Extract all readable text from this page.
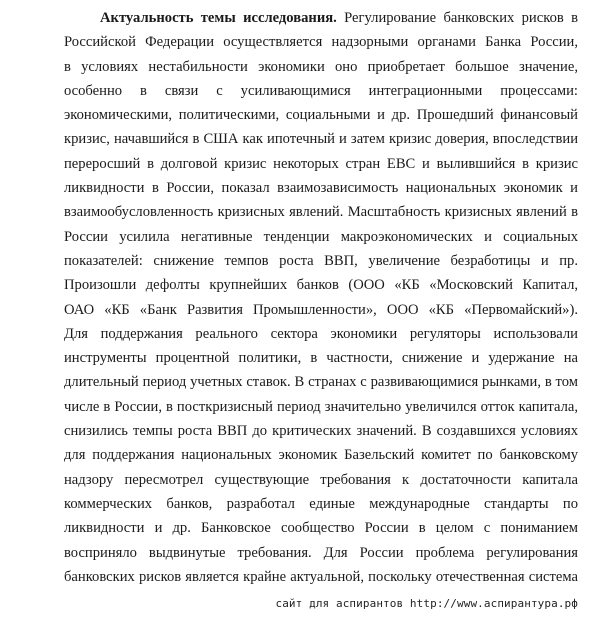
Актуальность темы исследования. Регулирование банковских рисков в
Российской Федерации осуществляется надзорными органами Банка России,
в условиях нестабильности экономики оно приобретает большое значение,
особенно в связи с усиливающимися интеграционными процессами:
экономическими, политическими, социальными и др. Прошедший финансовый
кризис, начавшийся в США как ипотечный и затем кризис доверия, впоследствии
переросший в долговой кризис некоторых стран ЕВС и вылившийся в кризис
ликвидности в России, показал взаимозависимость национальных экономик и
взаимообусловленность кризисных явлений. Масштабность кризисных явлений в
России усилила негативные тенденции макроэкономических и социальных
показателей: снижение темпов роста ВВП, увеличение безработицы и пр.
Произошли дефолты крупнейших банков (ООО «КБ «Московский Капитал,
ОАО «КБ «Банк Развития Промышленности», ООО «КБ «Первомайский»).
Для поддержания реального сектора экономики регуляторы использовали
инструменты процентной политики, в частности, снижение и удержание на
длительный период учетных ставок. В странах с развивающимися рынками, в том
числе в России, в посткризисный период значительно увеличился отток капитала,
снизились темпы роста ВВП до критических значений. В создавшихся условиях
для поддержания национальных экономик Базельский комитет по банковскому
надзору пересмотрел существующие требования к достаточности капитала
коммерческих банков, разработал единые международные стандарты по
ликвидности и др. Банковское сообщество России в целом с пониманием
восприняло выдвинутые требования. Для России проблема регулирования
банковских рисков является крайне актуальной, поскольку отечественная система
сайт для аспирантов http://www.аспирантура.рф
